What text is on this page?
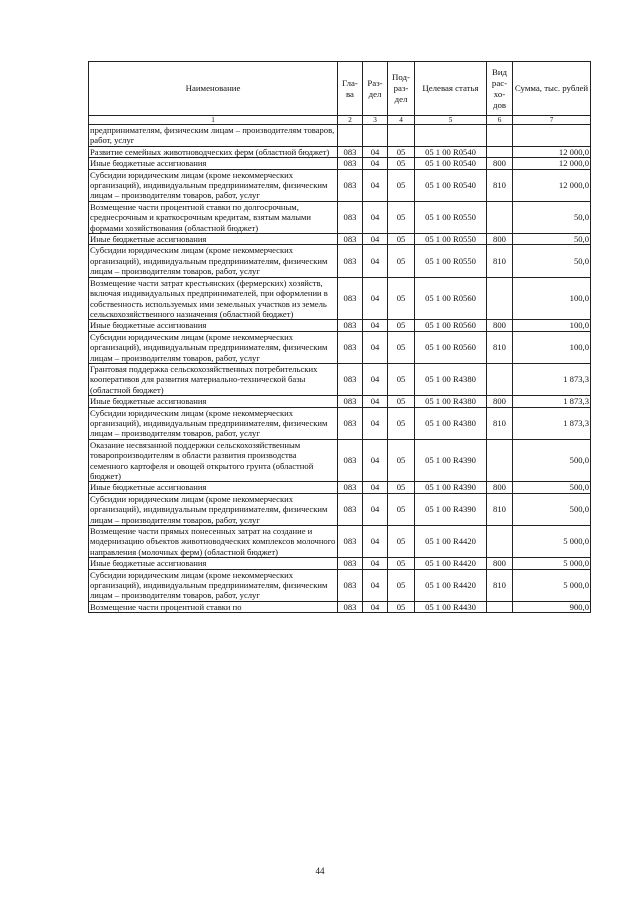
Наименование	Гла-ва	Раз-дел	Под-раз-дел	Целевая статья	Вид рас-хо-дов	Сумма, тыс. рублей
1	2	3	4	5	6	7
предпринимателям, физическим лицам – производителям товаров, работ, услуг						
Развитие семейных животноводческих ферм (областной бюджет)	083	04	05	05 1 00 R0540		12 000,0
Иные бюджетные ассигнования	083	04	05	05 1 00 R0540	800	12 000,0
Субсидии юридическим лицам (кроме некоммерческих организаций), индивидуальным предпринимателям, физическим лицам – производителям товаров, работ, услуг	083	04	05	05 1 00 R0540	810	12 000,0
Возмещение части процентной ставки по долгосрочным, среднесрочным и краткосрочным кредитам, взятым малыми формами хозяйствования (областной бюджет)	083	04	05	05 1 00 R0550		50,0
Иные бюджетные ассигнования	083	04	05	05 1 00 R0550	800	50,0
Субсидии юридическим лицам (кроме некоммерческих организаций), индивидуальным предпринимателям, физическим лицам – производителям товаров, работ, услуг	083	04	05	05 1 00 R0550	810	50,0
Возмещение части затрат крестьянских (фермерских) хозяйств, включая индивидуальных предпринимателей, при оформлении в собственность используемых ими земельных участков из земель сельскохозяйственного назначения (областной бюджет)	083	04	05	05 1 00 R0560		100,0
Иные бюджетные ассигнования	083	04	05	05 1 00 R0560	800	100,0
Субсидии юридическим лицам (кроме некоммерческих организаций), индивидуальным предпринимателям, физическим лицам – производителям товаров, работ, услуг	083	04	05	05 1 00 R0560	810	100,0
Грантовая поддержка сельскохозяйственных потребительских кооперативов для развития материально-технической базы (областной бюджет)	083	04	05	05 1 00 R4380		1 873,3
Иные бюджетные ассигнования	083	04	05	05 1 00 R4380	800	1 873,3
Субсидии юридическим лицам (кроме некоммерческих организаций), индивидуальным предпринимателям, физическим лицам – производителям товаров, работ, услуг	083	04	05	05 1 00 R4380	810	1 873,3
Оказание несвязанной поддержки сельскохозяйственным товаропроизводителям в области развития производства семенного картофеля и овощей открытого грунта (областной бюджет)	083	04	05	05 1 00 R4390		500,0
Иные бюджетные ассигнования	083	04	05	05 1 00 R4390	800	500,0
Субсидии юридическим лицам (кроме некоммерческих организаций), индивидуальным предпринимателям, физическим лицам – производителям товаров, работ, услуг	083	04	05	05 1 00 R4390	810	500,0
Возмещение части прямых понесенных затрат на создание и модернизацию объектов животноводческих комплексов молочного направления (молочных ферм) (областной бюджет)	083	04	05	05 1 00 R4420		5 000,0
Иные бюджетные ассигнования	083	04	05	05 1 00 R4420	800	5 000,0
Субсидии юридическим лицам (кроме некоммерческих организаций), индивидуальным предпринимателям, физическим лицам – производителям товаров, работ, услуг	083	04	05	05 1 00 R4420	810	5 000,0
Возмещение части процентной ставки по	083	04	05	05 1 00 R4430		900,0
44
